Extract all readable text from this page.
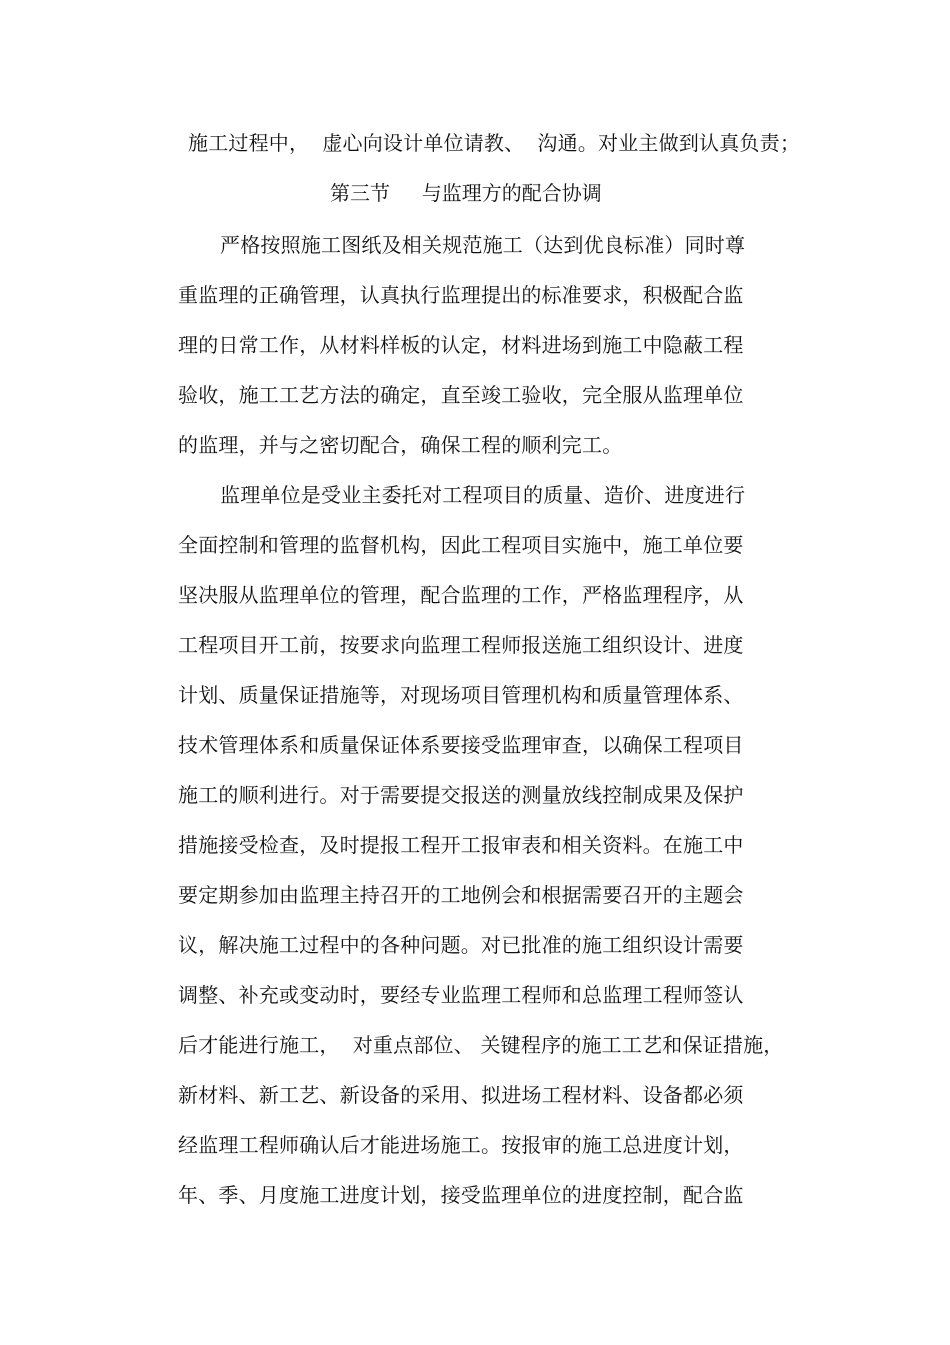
施工过程中，  虚心向设计单位请教、  沟通。对业主做到认真负责；
第三节     与监理方的配合协调
严格按照施工图纸及相关规范施工（达到优良标准）同时尊
重监理的正确管理，认真执行监理提出的标准要求，积极配合监
理的日常工作，从材料样板的认定，材料进场到施工中隐蔽工程
验收，施工工艺方法的确定，直至竣工验收，完全服从监理单位
的监理，并与之密切配合，确保工程的顺利完工。
监理单位是受业主委托对工程项目的质量、造价、进度进行
全面控制和管理的监督机构，因此工程项目实施中，施工单位要
坚决服从监理单位的管理，配合监理的工作，严格监理程序，从
工程项目开工前，按要求向监理工程师报送施工组织设计、进度
计划、质量保证措施等，对现场项目管理机构和质量管理体系、
技术管理体系和质量保证体系要接受监理审查，以确保工程项目
施工的顺利进行。对于需要提交报送的测量放线控制成果及保护
措施接受检查，及时提报工程开工报审表和相关资料。在施工中
要定期参加由监理主持召开的工地例会和根据需要召开的主题会
议，解决施工过程中的各种问题。对已批准的施工组织设计需要
调整、补充或变动时，要经专业监理工程师和总监理工程师签认
后才能进行施工，  对重点部位、 关键程序的施工工艺和保证措施，
新材料、新工艺、新设备的采用、拟进场工程材料、设备都必须
经监理工程师确认后才能进场施工。按报审的施工总进度计划，
年、季、月度施工进度计划，接受监理单位的进度控制，配合监
